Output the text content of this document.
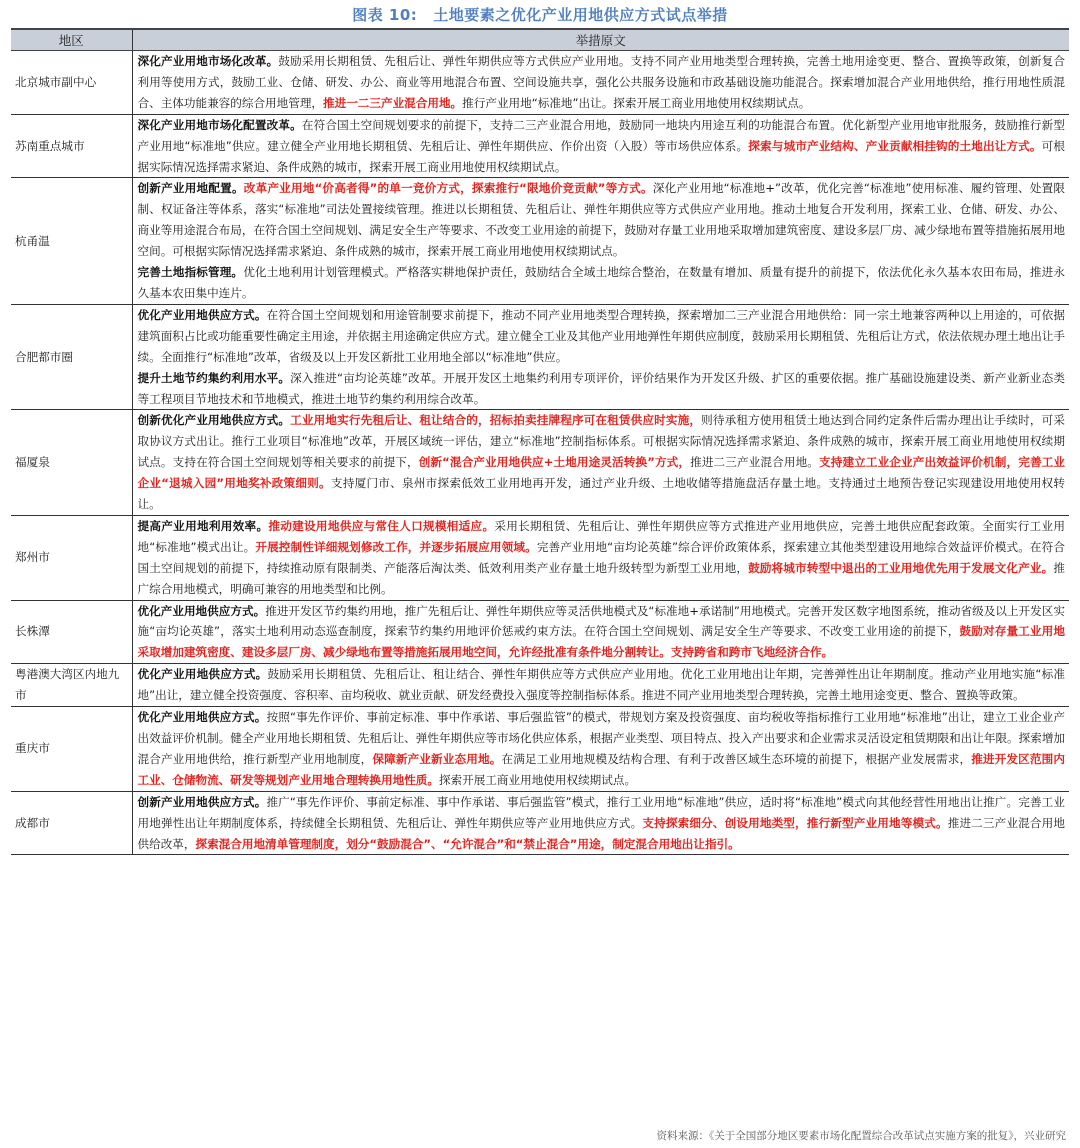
图表 10: 土地要素之优化产业用地供应方式试点举措
地区	举措原文
北京城市副中心	深化产业用地市场化改革。鼓励采用长期租赁、先租后让、弹性年期供应等方式供应产业用地。支持不同产业用地类型合理转换，完善土地用途变更、整合、置换等政策，创新复合利用等使用方式，鼓励工业、仓储、研发、办公、商业等用地混合布置、空间设施共享，强化公共服务设施和市政基础设施功能混合。探索增加混合产业用地供给，推行用地性质混合、主体功能兼容的综合用地管理，推进一二三产业混合用地。推行产业用地“标准地”出让。探索开展工商业用地使用权续期试点。

苏南重点城市	深化产业用地市场化配置改革。在符合国土空间规划要求的前提下，支持二三产业混合用地，鼓励同一地块内用途互利的功能混合布置。优化新型产业用地审批服务，鼓励推行新型产业用地“标准地”供应。建立健全产业用地长期租赁、先租后让、弹性年期供应、作价出资（入股）等市场供应体系。探索与城市产业结构、产业贡献相挂钩的土地出让方式。可根据实际情况选择需求紧迫、条件成熟的城市，探索开展工商业用地使用权续期试点。

杭甬温	创新产业用地配置。改革产业用地“价高者得”的单一竞价方式，探索推行“限地价竞贡献”等方式。深化产业用地“标准地+”改革，优化完善“标准地”使用标准、履约管理、处置限制、权证备注等体系，落实“标准地”司法处置接续管理。推进以长期租赁、先租后让、弹性年期供应等方式供应产业用地。推动土地复合开发利用，探索工业、仓储、研发、办公、商业等用途混合布局，在符合国土空间规划、满足安全生产等要求、不改变工业用途的前提下，鼓励对存量工业用地采取增加建筑密度、建设多层厂房、减少绿地布置等措施拓展用地空间。可根据实际情况选择需求紧迫、条件成熟的城市，探索开展工商业用地使用权续期试点。
完善土地指标管理。优化土地利用计划管理模式。严格落实耕地保护责任，鼓励结合全域土地综合整治，在数量有增加、质量有提升的前提下，依法优化永久基本农田布局，推进永久基本农田集中连片。

合肥都市圈	优化产业用地供应方式。在符合国土空间规划和用途管制要求前提下，推动不同产业用地类型合理转换，探索增加二三产业混合用地供给：同一宗土地兼容两种以上用途的，可依据建筑面积占比或功能重要性确定主用途，并依据主用途确定供应方式。建立健全工业及其他产业用地弹性年期供应制度，鼓励采用长期租赁、先租后让方式，依法依规办理土地出让手续。全面推行“标准地”改革，省级及以上开发区新批工业用地全部以“标准地”供应。
提升土地节约集约利用水平。深入推进“亩均论英雄”改革。开展开发区土地集约利用专项评价，评价结果作为开发区升级、扩区的重要依据。推广基础设施建设类、新产业新业态类等工程项目节地技术和节地模式，推进土地节约集约利用综合改革。

福厦泉	创新优化产业用地供应方式。工业用地实行先租后让、租让结合的，招标拍卖挂牌程序可在租赁供应时实施，则待承租方使用租赁土地达到合同约定条件后需办理出让手续时，可采取协议方式出让。推行工业项目“标准地”改革，开展区域统一评估，建立“标准地”控制指标体系。可根据实际情况选择需求紧迫、条件成熟的城市，探索开展工商业用地使用权续期试点。支持在符合国土空间规划等相关要求的前提下，创新“混合产业用地供应+土地用途灵活转换”方式，推进二三产业混合用地。支持建立工业企业产出效益评价机制，完善工业企业“退城入园”用地奖补政策细则。支持厦门市、泉州市探索低效工业用地再开发，通过产业升级、土地收储等措施盘活存量土地。支持通过土地预告登记实现建设用地使用权转让。

郑州市	提高产业用地利用效率。推动建设用地供应与常住人口规模相适应。采用长期租赁、先租后让、弹性年期供应等方式推进产业用地供应，完善土地供应配套政策。全面实行工业用地“标准地”模式出让。开展控制性详细规划修改工作，并逐步拓展应用领域。完善产业用地“亩均论英雄”综合评价政策体系，探索建立其他类型建设用地综合效益评价模式。在符合国土空间规划的前提下，持续推动原有限制类、产能落后淘汰类、低效利用类产业存量土地升级转型为新型工业用地，鼓励将城市转型中退出的工业用地优先用于发展文化产业。推广综合用地模式，明确可兼容的用地类型和比例。

长株潭	优化产业用地供应方式。推进开发区节约集约用地，推广先租后让、弹性年期供应等灵活供地模式及“标准地+承诺制”用地模式。完善开发区数字地图系统，推动省级及以上开发区实施“亩均论英雄”，落实土地利用动态巡查制度，探索节约集约用地评价惩戒约束方法。在符合国土空间规划、满足安全生产等要求、不改变工业用途的前提下，鼓励对存量工业用地采取增加建筑密度、建设多层厂房、减少绿地布置等措施拓展用地空间，允许经批准有条件地分割转让。支持跨省和跨市飞地经济合作。

粤港澳大湾区内地九市	优化产业用地供应方式。鼓励采用长期租赁、先租后让、租让结合、弹性年期供应等方式供应产业用地。优化工业用地出让年期，完善弹性出让年期制度。推动产业用地实施“标准地”出让，建立健全投资强度、容积率、亩均税收、就业贡献、研发经费投入强度等控制指标体系。推进不同产业用地类型合理转换，完善土地用途变更、整合、置换等政策。

重庆市	优化产业用地供应方式。按照“事先作评价、事前定标准、事中作承诺、事后强监管”的模式，带规划方案及投资强度、亩均税收等指标推行工业用地“标准地”出让，建立工业企业产出效益评价机制。健全产业用地长期租赁、先租后让、弹性年期供应等市场化供应体系，根据产业类型、项目特点、投入产出要求和企业需求灵活设定租赁期限和出让年限。探索增加混合产业用地供给，推行新型产业用地制度，保障新产业新业态用地。在满足工业用地规模及结构合理、有利于改善区域生态环境的前提下，根据产业发展需求，推进开发区范围内工业、仓储物流、研发等规划产业用地合理转换用地性质。探索开展工商业用地使用权续期试点。

成都市	创新产业用地供应方式。推广“事先作评价、事前定标准、事中作承诺、事后强监管”模式，推行工业用地“标准地”供应，适时将“标准地”模式向其他经营性用地出让推广。完善工业用地弹性出让年期制度体系，持续健全长期租赁、先租后让、弹性年期供应等产业用地供应方式。支持探索细分、创设用地类型，推行新型产业用地等模式。推进二三产业混合用地供给改革，探索混合用地清单管理制度，划分“鼓励混合”、“允许混合”和“禁止混合”用途，制定混合用地出让指引。
资料来源：《关于全国部分地区要素市场化配置综合改革试点实施方案的批复》，兴业研究
